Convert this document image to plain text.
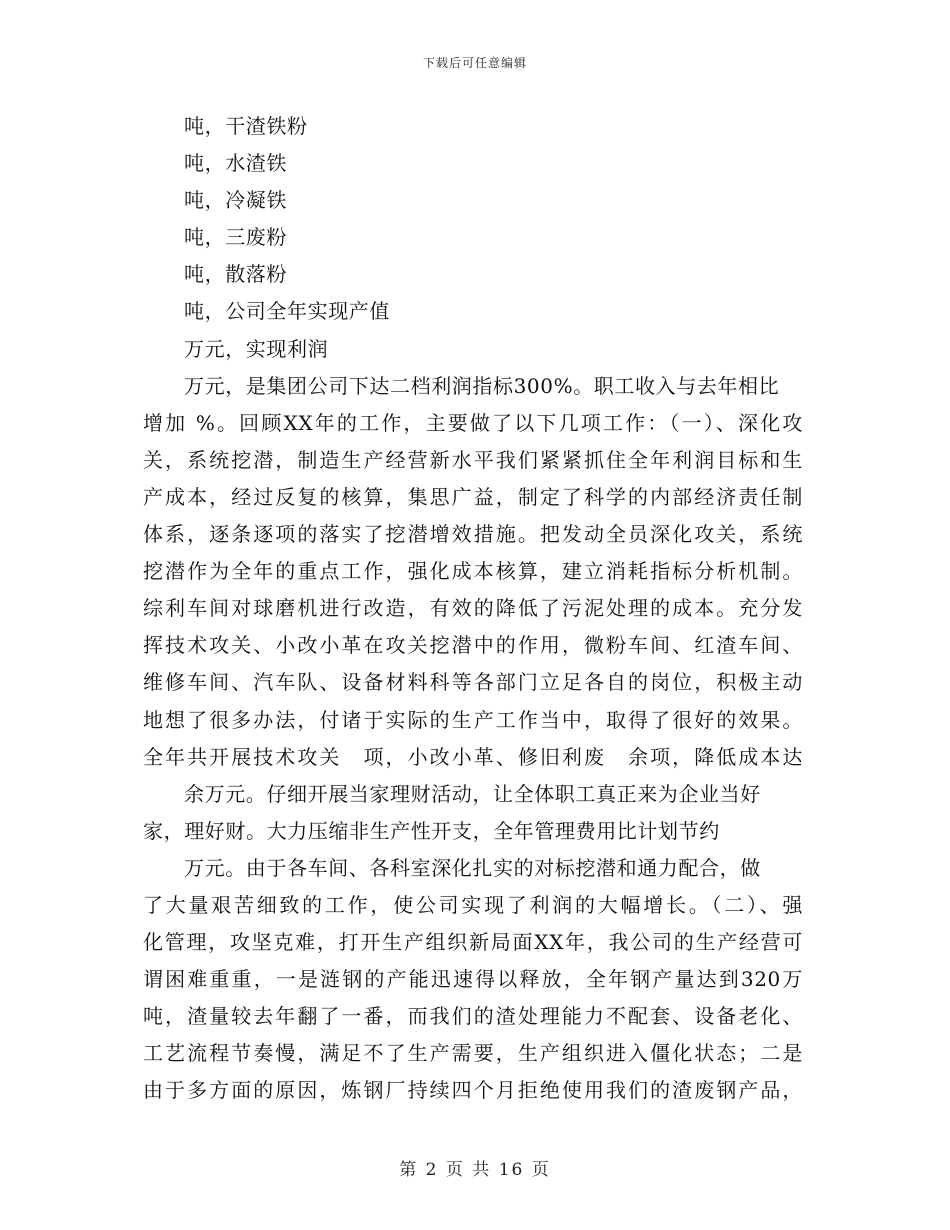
下载后可任意编辑
吨，干渣铁粉
吨，水渣铁
吨，冷凝铁
吨，三废粉
吨，散落粉
吨，公司全年实现产值
万元，实现利润
万元，是集团公司下达二档利润指标300%。职工收入与去年相比
增加 %。回顾XX年的工作，主要做了以下几项工作：（一）、深化攻
关，系统挖潜，制造生产经营新水平我们紧紧抓住全年利润目标和生
产成本，经过反复的核算，集思广益，制定了科学的内部经济责任制
体系，逐条逐项的落实了挖潜增效措施。把发动全员深化攻关，系统
挖潜作为全年的重点工作，强化成本核算，建立消耗指标分析机制。
综利车间对球磨机进行改造，有效的降低了污泥处理的成本。充分发
挥技术攻关、小改小革在攻关挖潜中的作用，微粉车间、红渣车间、
维修车间、汽车队、设备材料科等各部门立足各自的岗位，积极主动
地想了很多办法，付诸于实际的生产工作当中，取得了很好的效果。
全年共开展技术攻关　项，小改小革、修旧利废　余项，降低成本达
余万元。仔细开展当家理财活动，让全体职工真正来为企业当好
家，理好财。大力压缩非生产性开支，全年管理费用比计划节约
万元。由于各车间、各科室深化扎实的对标挖潜和通力配合，做
了大量艰苦细致的工作，使公司实现了利润的大幅增长。（二）、强
化管理，攻坚克难，打开生产组织新局面XX年，我公司的生产经营可
谓困难重重，一是涟钢的产能迅速得以释放，全年钢产量达到320万
吨，渣量较去年翻了一番，而我们的渣处理能力不配套、设备老化、
工艺流程节奏慢，满足不了生产需要，生产组织进入僵化状态；二是
由于多方面的原因，炼钢厂持续四个月拒绝使用我们的渣废钢产品，
第 2 页 共 16 页
